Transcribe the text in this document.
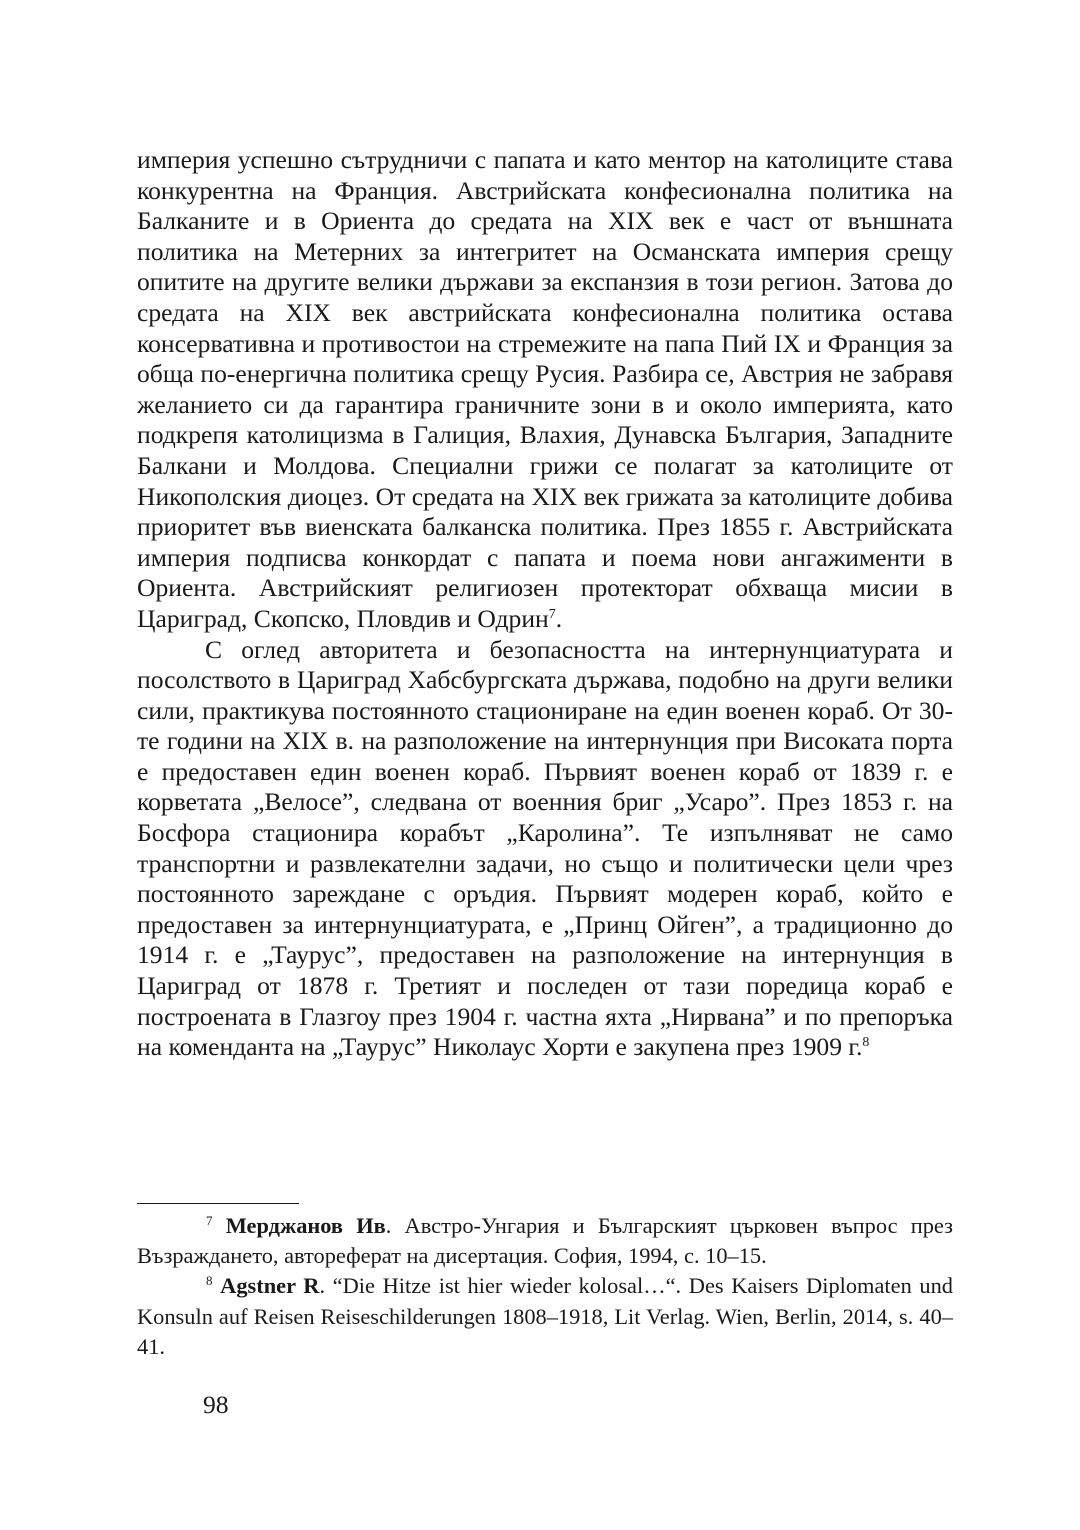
империя успешно сътрудничи с папата и като ментор на католиците става конкурентна на Франция. Австрийската конфесионална политика на Балканите и в Ориента до средата на XIX век е част от външната политика на Метерних за интегритет на Османската империя срещу опитите на другите велики държави за експанзия в този регион. Затова до средата на XIX век австрийската конфесионална политика остава консервативна и противостои на стремежите на папа Пий IX и Франция за обща по-енергична политика срещу Русия. Разбира се, Австрия не забравя желанието си да гарантира граничните зони в и около империята, като подкрепя католицизма в Галиция, Влахия, Дунавска България, Западните Балкани и Молдова. Специални грижи се полагат за католиците от Никополския диоцез. От средата на XIX век грижата за католиците добива приоритет във виенската балканска политика. През 1855 г. Австрийската империя подписва конкордат с папата и поема нови ангажименти в Ориента. Австрийският религиозен протекторат обхваща мисии в Цариград, Скопско, Пловдив и Одрин$^7$.

С оглед авторитета и безопасността на интернунциатурата и посолството в Цариград Хабсбургската държава, подобно на други велики сили, практикува постоянното стациониране на един военен кораб. От 30-те години на XIX в. на разположение на интернунция при Високата порта е предоставен един военен кораб. Първият военен кораб от 1839 г. е корветата „Велосе”, следвана от военния бриг „Усаро”. През 1853 г. на Босфора стационира корабът „Каролина”. Те изпълняват не само транспортни и развлекателни задачи, но също и политически цели чрез постоянното зареждане с оръдия. Първият модерен кораб, който е предоставен за интернунциатурата, е „Принц Ойген”, а традиционно до 1914 г. е „Таурус”, предоставен на разположение на интернунция в Цариград от 1878 г. Третият и последен от тази поредица кораб е построената в Глазгоу през 1904 г. частна яхта „Нирвана” и по препоръка на коменданта на „Таурус” Николаус Хорти е закупена през 1909 г.$^8$

$^7$ Мерджанов Ив. Австро-Унгария и Българският църковен въпрос през Възраждането, автореферат на дисертация. София, 1994, с. 10–15.

$^8$ Agstner R. “Die Hitze ist hier wieder kolosal…“. Des Kaisers Diplomaten und Konsuln auf Reisen Reiseschilderungen 1808–1918, Lit Verlag. Wien, Berlin, 2014, s. 40–41.

98
